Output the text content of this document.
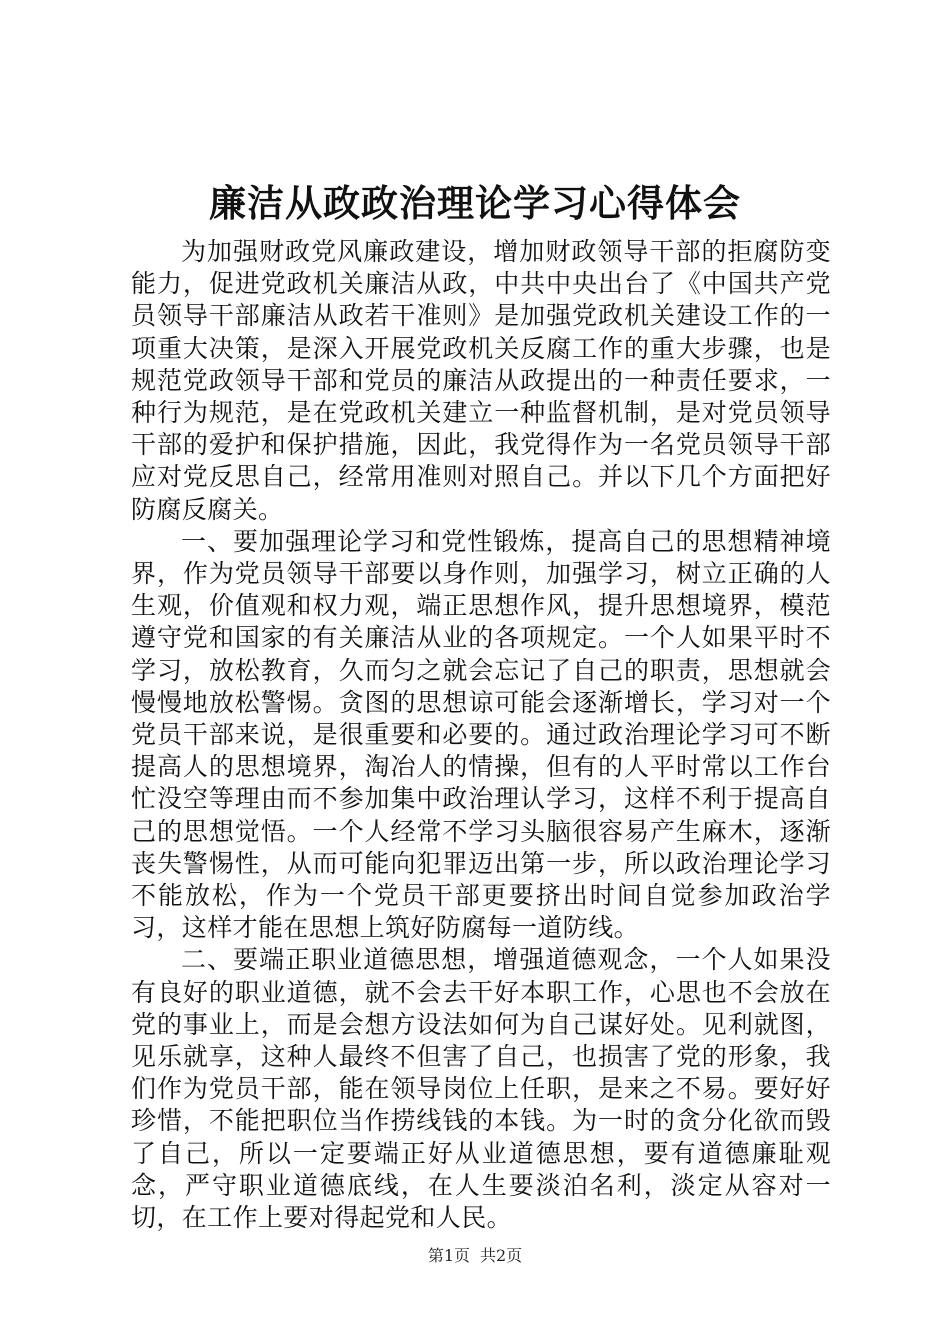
廉洁从政政治理论学习心得体会

为加强财政党风廉政建设，增加财政领导干部的拒腐防变能力，促进党政机关廉洁从政，中共中央出台了《中国共产党员领导干部廉洁从政若干准则》是加强党政机关建设工作的一项重大决策，是深入开展党政机关反腐工作的重大步骤，也是规范党政领导干部和党员的廉洁从政提出的一种责任要求，一种行为规范，是在党政机关建立一种监督机制，是对党员领导干部的爱护和保护措施，因此，我党得作为一名党员领导干部应对党反思自己，经常用准则对照自己。并以下几个方面把好防腐反腐关。

一、要加强理论学习和党性锻炼，提高自己的思想精神境界，作为党员领导干部要以身作则，加强学习，树立正确的人生观，价值观和权力观，端正思想作风，提升思想境界，模范遵守党和国家的有关廉洁从业的各项规定。一个人如果平时不学习，放松教育，久而匀之就会忘记了自己的职责，思想就会慢慢地放松警惕。贪图的思想谅可能会逐渐增长，学习对一个党员干部来说，是很重要和必要的。通过政治理论学习可不断提高人的思想境界，淘冶人的情操，但有的人平时常以工作台忙没空等理由而不参加集中政治理认学习，这样不利于提高自己的思想觉悟。一个人经常不学习头脑很容易产生麻木，逐渐丧失警惕性，从而可能向犯罪迈出第一步，所以政治理论学习不能放松，作为一个党员干部更要挤出时间自觉参加政治学习，这样才能在思想上筑好防腐每一道防线。

二、要端正职业道德思想，增强道德观念，一个人如果没有良好的职业道德，就不会去干好本职工作，心思也不会放在党的事业上，而是会想方设法如何为自己谋好处。见利就图，见乐就享，这种人最终不但害了自己，也损害了党的形象，我们作为党员干部，能在领导岗位上任职，是来之不易。要好好珍惜，不能把职位当作捞线钱的本钱。为一时的贪分化欲而毁了自己，所以一定要端正好从业道德思想，要有道德廉耻观念，严守职业道德底线，在人生要淡泊名利，淡定从容对一切，在工作上要对得起党和人民。

第1页 共2页
